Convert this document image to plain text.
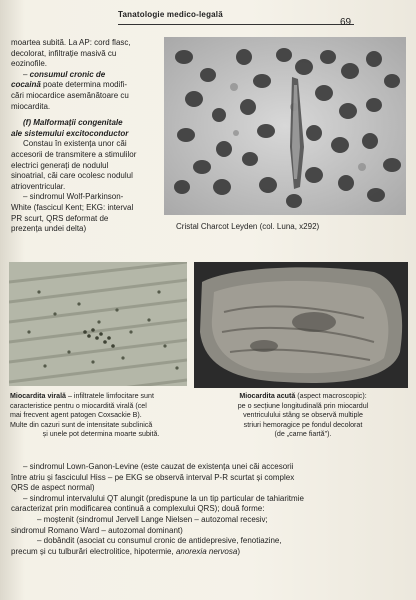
Tanatologie medico-legală
69

moartea subită. La AP: cord flasc,

decolorat, infiltrație masivă cu

eozinofile.

– consumul cronic de

cocaină poate determina modifi-

cări miocardice asemănătoare cu

miocardita.

(f) Malformații congenitale

ale sistemului excitoconductor

Constau în existența unor căi

accesorii de transmitere a stimulilor

electrici generați de nodulul

sinoatrial, căi care ocolesc nodulul

atrioventricular.

– sindromul Wolf-Parkinson-

White (fascicul Kent; EKG: interval

PR scurt, QRS deformat de

prezența undei delta)	Cristal Charcot Leyden (col. Luna, x292)
Miocardita virală – infiltratele limfocitare sunt
caracteristice pentru o miocardită virală (cel
mai frecvent agent patogen Coxsackie B).
Multe din cazuri sunt de intensitate subclinică
și unele pot determina moarte subită.
Miocardita acută (aspect macroscopic):
pe o secțiune longitudinală prin miocardul
ventriculului stâng se observă multiple
striuri hemoragice pe fondul decolorat
(de „carne fiartă").

– sindromul Lown-Ganon-Levine (este cauzat de existența unei căi accesorii

între atriu și fasciculul Hiss – pe EKG se observă interval P-R scurtat și complex

QRS de aspect normal)

– sindromul intervalului QT alungit (predispune la un tip particular de tahiaritmie

caracterizat prin modificarea continuă a complexului QRS); două forme:

– moștenit (sindromul Jervell Lange Nielsen – autozomal recesiv;

sindromul Romano Ward – autozomal dominant)

– dobândit (asociat cu consumul cronic de antidepresive, fenotiazine,

precum și cu tulburări electrolitice, hipotermie, anorexia nervosa)
